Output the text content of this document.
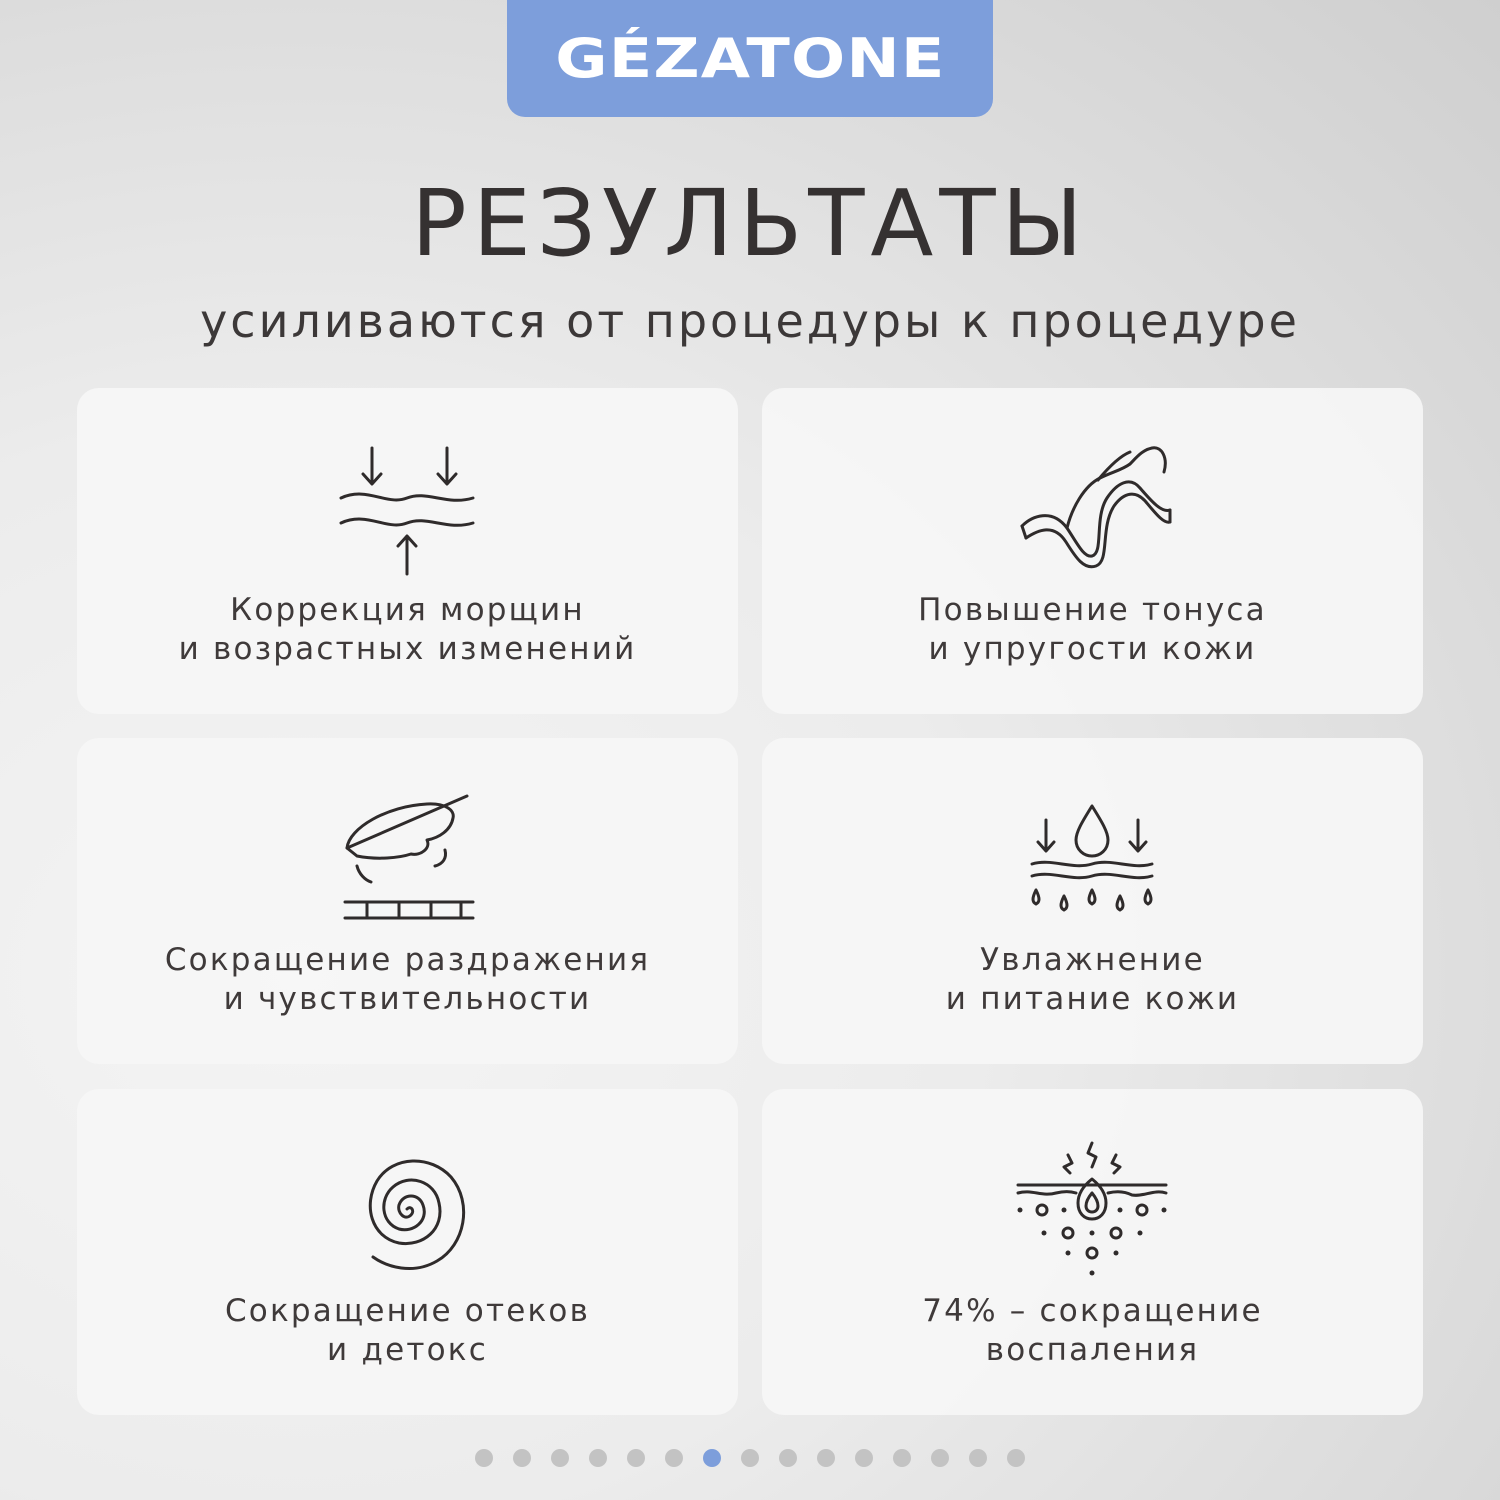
GÉZATONE
РЕЗУЛЬТАТЫ
усиливаются от процедуры к процедуре
Коррекция морщин
и возрастных изменений
Повышение тонуса
и упругости кожи
Сокращение раздражения
и чувствительности
Увлажнение
и питание кожи
Сокращение отеков
и детокс
74% – сокращение
воспаления
